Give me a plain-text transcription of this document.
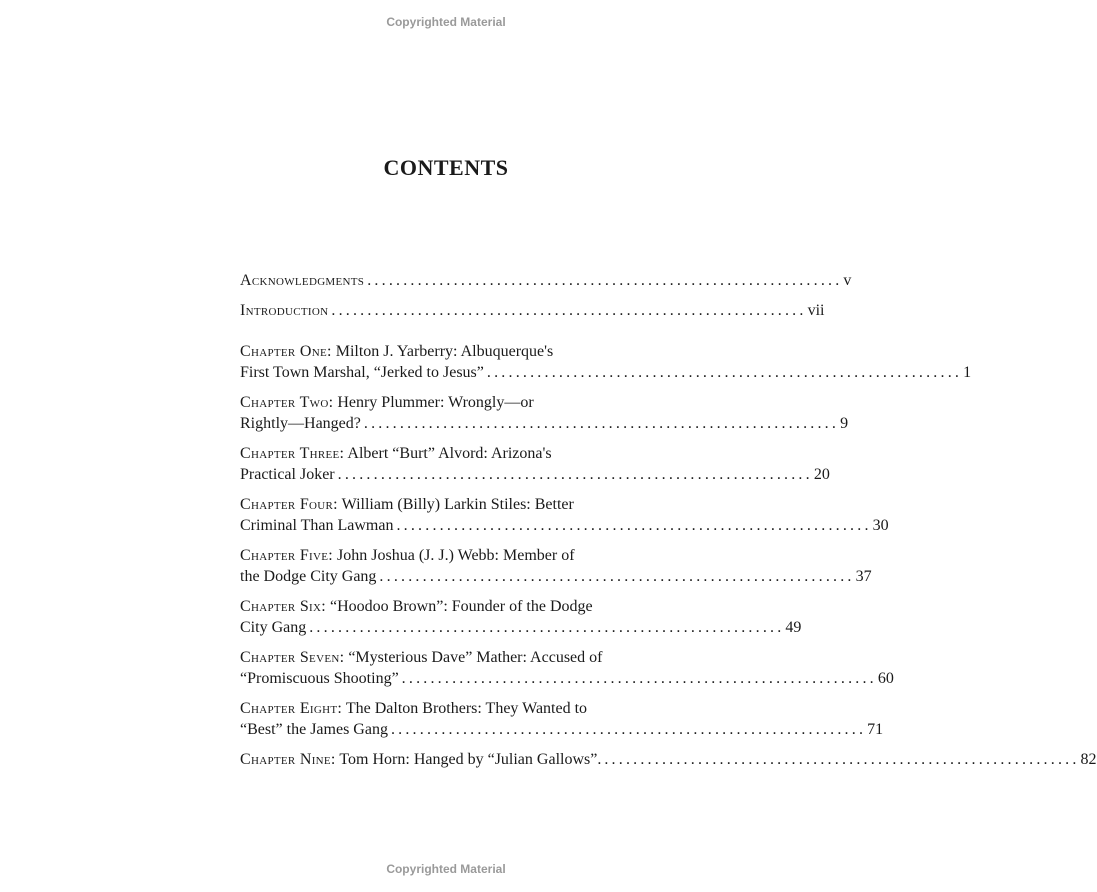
Copyrighted Material
CONTENTS
Acknowledgments .................................................................. v
Introduction .................................................................. vii
Chapter One: Milton J. Yarberry: Albuquerque's
First Town Marshal, “Jerked to Jesus” .................................................................. 1
Chapter Two: Henry Plummer: Wrongly—or
Rightly—Hanged? .................................................................. 9
Chapter Three: Albert “Burt” Alvord: Arizona's
Practical Joker .................................................................. 20
Chapter Four: William (Billy) Larkin Stiles: Better
Criminal Than Lawman .................................................................. 30
Chapter Five: John Joshua (J. J.) Webb: Member of
the Dodge City Gang .................................................................. 37
Chapter Six: “Hoodoo Brown”: Founder of the Dodge
City Gang .................................................................. 49
Chapter Seven: “Mysterious Dave” Mather: Accused of
“Promiscuous Shooting” .................................................................. 60
Chapter Eight: The Dalton Brothers: They Wanted to
“Best” the James Gang .................................................................. 71
Chapter Nine: Tom Horn: Hanged by “Julian Gallows”. .................................................................. 82
Copyrighted Material
